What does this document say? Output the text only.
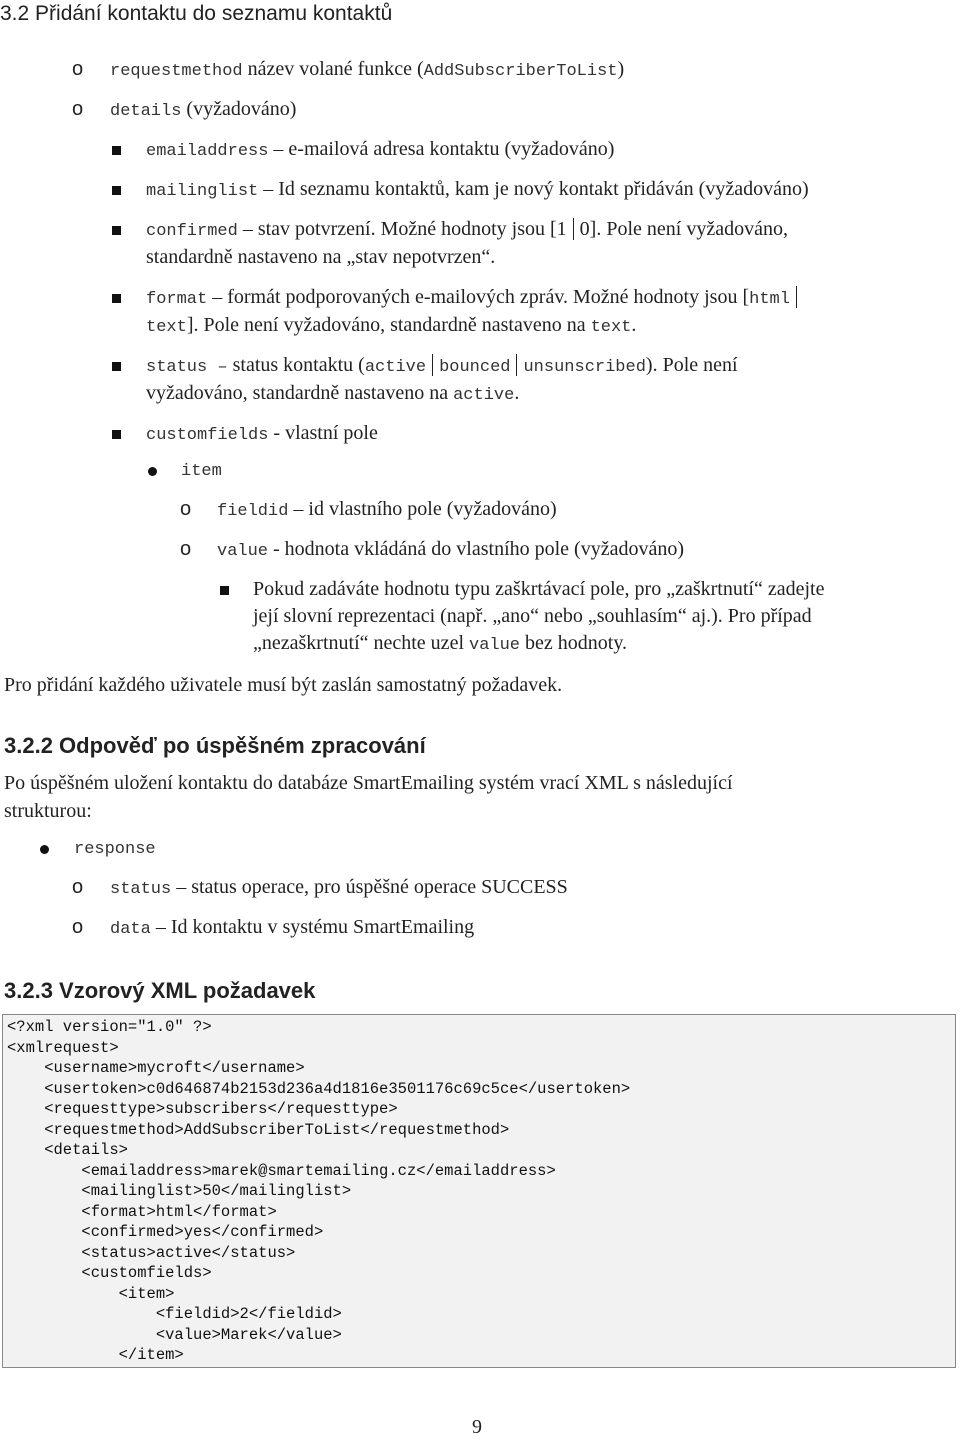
3.2 Přidání kontaktu do seznamu kontaktů
o requestmethod název volané funkce (AddSubscriberToList)
o details (vyžadováno)
emailaddress – e-mailová adresa kontaktu (vyžadováno)
mailinglist – Id seznamu kontaktů, kam je nový kontakt přidáván (vyžadováno)
confirmed – stav potvrzení. Možné hodnoty jsou [1 0]. Pole není vyžadováno,
standardně nastaveno na „stav nepotvrzen“.
format – formát podporovaných e-mailových zpráv. Možné hodnoty jsou [html
text]. Pole není vyžadováno, standardně nastaveno na text.
status – status kontaktu (active bounced unsunscribed). Pole není
vyžadováno, standardně nastaveno na active.
customfields - vlastní pole
item
o fieldid – id vlastního pole (vyžadováno)
o value - hodnota vkládáná do vlastního pole (vyžadováno)
Pokud zadáváte hodnotu typu zaškrtávací pole, pro „zaškrtnutí“ zadejte
její slovní reprezentaci (např. „ano“ nebo „souhlasím“ aj.). Pro případ
„nezaškrtnutí“ nechte uzel value bez hodnoty.
Pro přidání každého uživatele musí být zaslán samostatný požadavek.
3.2.2 Odpověď po úspěšném zpracování
Po úspěšném uložení kontaktu do databáze SmartEmailing systém vrací XML s následující
strukturou:
response
o status – status operace, pro úspěšné operace SUCCESS
o data – Id kontaktu v systému SmartEmailing
3.2.3 Vzorový XML požadavek
<?xml version="1.0" ?>
<xmlrequest>
<username>mycroft</username>
<usertoken>c0d646874b2153d236a4d1816e3501176c69c5ce</usertoken>
<requesttype>subscribers</requesttype>
<requestmethod>AddSubscriberToList</requestmethod>
<details>
<emailaddress>marek@smartemailing.cz</emailaddress>
<mailinglist>50</mailinglist>
<format>html</format>
<confirmed>yes</confirmed>
<status>active</status>
<customfields>
<item>
<fieldid>2</fieldid>
<value>Marek</value>
</item>
9
